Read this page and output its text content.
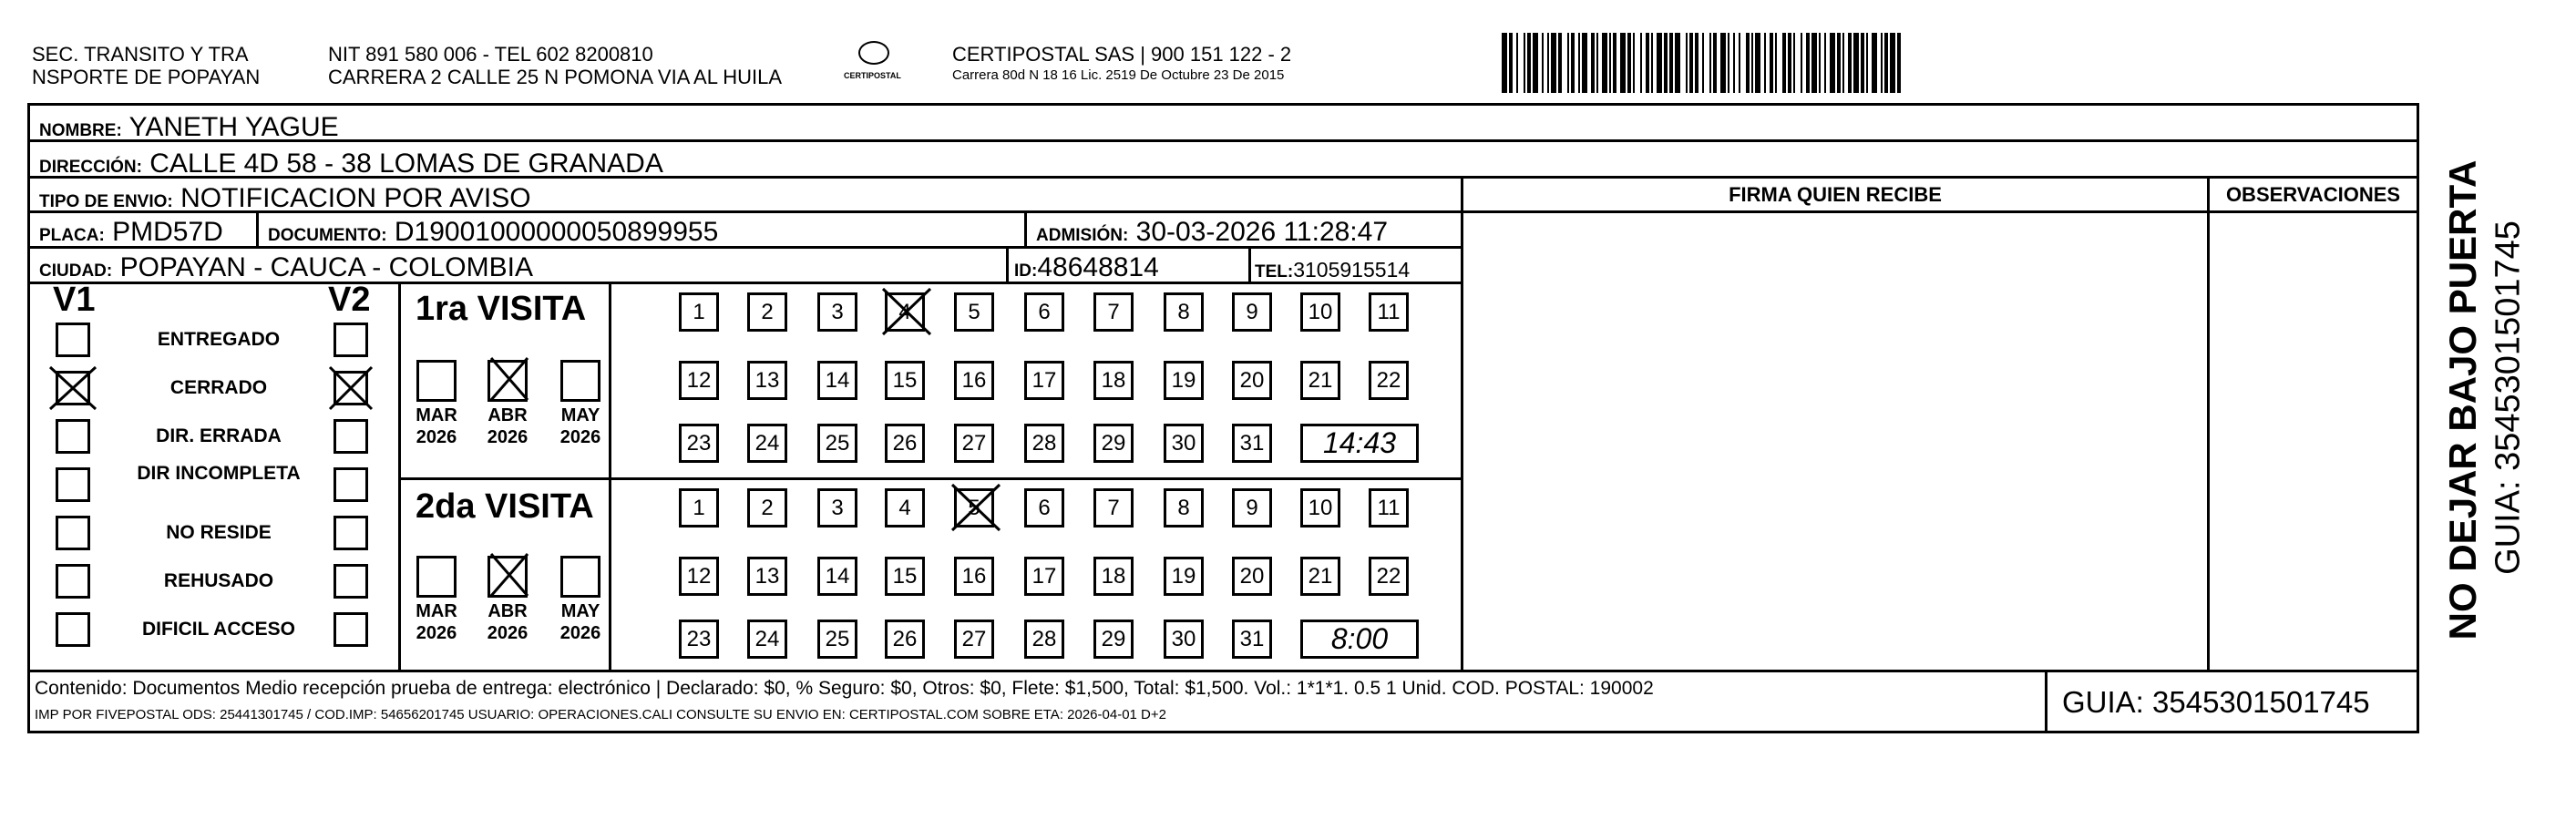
SEC. TRANSITO Y TRA
NSPORTE DE POPAYAN
NIT 891 580 006 - TEL 602 8200810
CARRERA 2 CALLE 25 N POMONA VIA AL HUILA	CERTIPOSTAL
CERTIPOSTAL SAS | 900 151 122 - 2
Carrera 80d N 18 16 Lic. 2519 De Octubre 23 De 2015
NOMBRE: YANETH YAGUE
DIRECCIÓN: CALLE 4D 58 - 38 LOMAS DE GRANADA
TIPO DE ENVIO: NOTIFICACION POR AVISO	FIRMA QUIEN RECIBE	OBSERVACIONES
PLACA: PMD57D	DOCUMENTO: D19001000000050899955	ADMISIÓN: 30-03-2026 11:28:47
CIUDAD: POPAYAN - CAUCA - COLOMBIA	ID:48648814	TEL:3105915514
V1	V2
ENTREGADO
CERRADO
DIR. ERRADA
DIR INCOMPLETA
NO RESIDE
REHUSADO
DIFICIL ACCESO
1ra VISITA
MAR
2026
ABR
2026
MAY
2026
1	2	3	4	5	6	7	8	9	10	11
12	13	14	15	16	17	18	19	20	21	22
23	24	25	26	27	28	29	30	31	14:43
2da VISITA
MAR
2026
ABR
2026
MAY
2026
1	2	3	4	5	6	7	8	9	10	11
12	13	14	15	16	17	18	19	20	21	22
23	24	25	26	27	28	29	30	31	8:00
Contenido: Documentos Medio recepción prueba de entrega: electrónico | Declarado: $0, % Seguro: $0, Otros: $0, Flete: $1,500, Total: $1,500. Vol.: 1*1*1. 0.5 1 Unid. COD. POSTAL: 190002
IMP POR FIVEPOSTAL ODS: 25441301745 / COD.IMP: 54656201745 USUARIO: OPERACIONES.CALI CONSULTE SU ENVIO EN: CERTIPOSTAL.COM SOBRE ETA: 2026-04-01 D+2	GUIA: 3545301501745
NO DEJAR BAJO PUERTA GUIA: 3545301501745
